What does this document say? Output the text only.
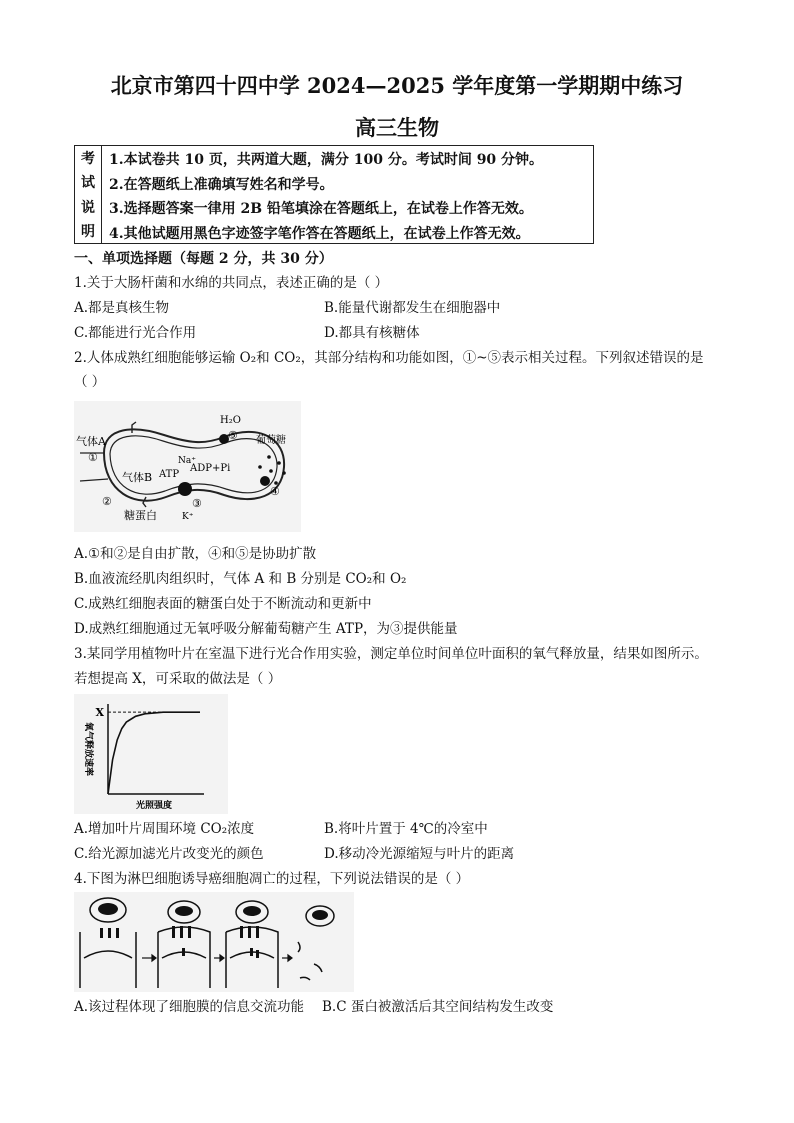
北京市第四十四中学 2024—2025 学年度第一学期期中练习
高三生物
考
试
说
明
1.本试卷共 10 页，共两道大题，满分 100 分。考试时间 90 分钟。
2.在答题纸上准确填写姓名和学号。
3.选择题答案一律用 2B 铅笔填涂在答题纸上，在试卷上作答无效。
4.其他试题用黑色字迹签字笔作答在答题纸上，在试卷上作答无效。
一、单项选择题（每题 2 分，共 30 分）
1.关于大肠杆菌和水绵的共同点，表述正确的是（ ）
A.都是真核生物	B.能量代谢都发生在细胞器中
C.都能进行光合作用	D.都具有核糖体
2.人体成熟红细胞能够运输 O₂和 CO₂，其部分结构和功能如图，①~⑤表示相关过程。下列叙述错误的是
（ ）
气体A
气体B ATP
ADP+Pi
Na⁺
K⁺
H₂O
葡萄糖
糖蛋白
①
②	③
④
⑤
A.①和②是自由扩散，④和⑤是协助扩散
B.血液流经肌肉组织时，气体 A 和 B 分别是 CO₂和 O₂
C.成熟红细胞表面的糖蛋白处于不断流动和更新中
D.成熟红细胞通过无氧呼吸分解葡萄糖产生 ATP，为③提供能量
3.某同学用植物叶片在室温下进行光合作用实验，测定单位时间单位叶面积的氧气释放量，结果如图所示。
若想提高 X，可采取的做法是（ ）
X
氧气释放速率
光照强度
A.增加叶片周围环境 CO₂浓度	B.将叶片置于 4℃的冷室中
C.给光源加滤光片改变光的颜色	D.移动冷光源缩短与叶片的距离
4.下图为淋巴细胞诱导癌细胞凋亡的过程，下列说法错误的是（ ）
A.该过程体现了细胞膜的信息交流功能 B.C 蛋白被激活后其空间结构发生改变
